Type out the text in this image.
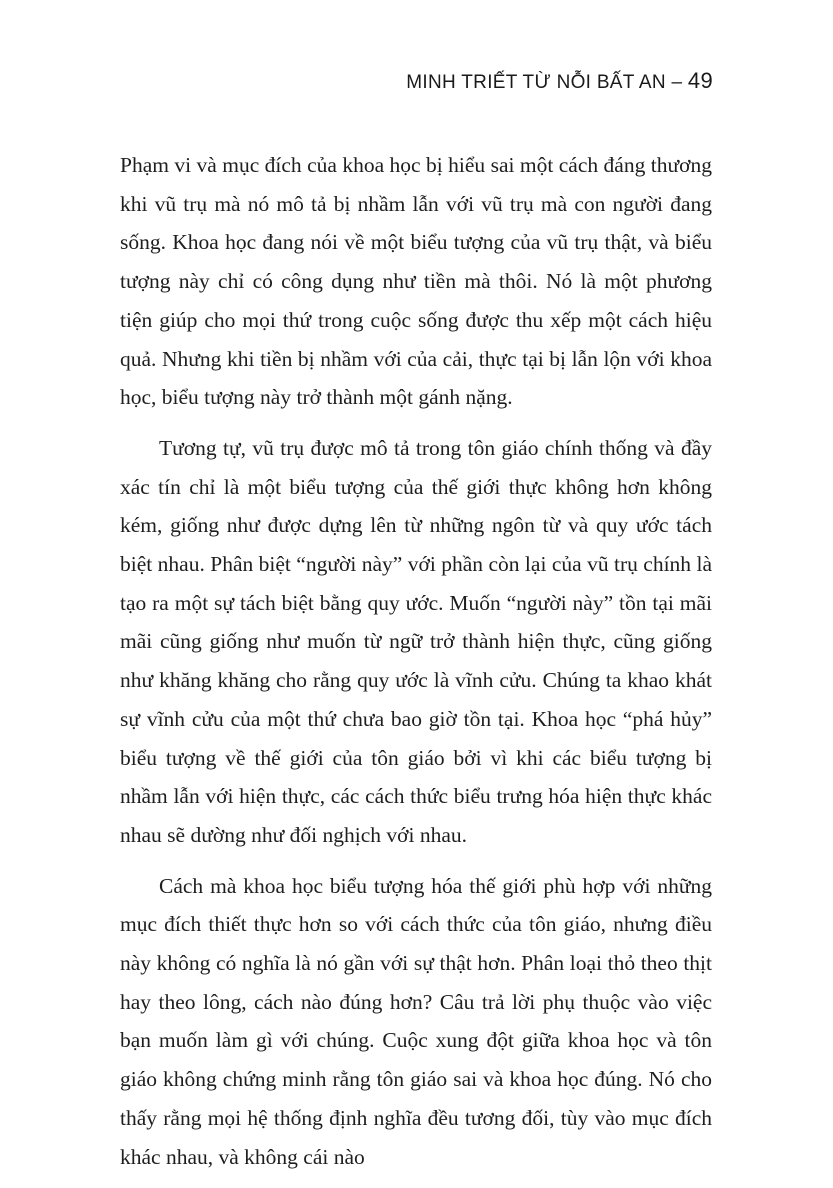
MINH TRIẾT TỪ NỖI BẤT AN – 49

Phạm vi và mục đích của khoa học bị hiểu sai một cách đáng thương khi vũ trụ mà nó mô tả bị nhầm lẫn với vũ trụ mà con người đang sống. Khoa học đang nói về một biểu tượng của vũ trụ thật, và biểu tượng này chỉ có công dụng như tiền mà thôi. Nó là một phương tiện giúp cho mọi thứ trong cuộc sống được thu xếp một cách hiệu quả. Nhưng khi tiền bị nhầm với của cải, thực tại bị lẫn lộn với khoa học, biểu tượng này trở thành một gánh nặng.

Tương tự, vũ trụ được mô tả trong tôn giáo chính thống và đầy xác tín chỉ là một biểu tượng của thế giới thực không hơn không kém, giống như được dựng lên từ những ngôn từ và quy ước tách biệt nhau. Phân biệt “người này” với phần còn lại của vũ trụ chính là tạo ra một sự tách biệt bằng quy ước. Muốn “người này” tồn tại mãi mãi cũng giống như muốn từ ngữ trở thành hiện thực, cũng giống như khăng khăng cho rằng quy ước là vĩnh cửu. Chúng ta khao khát sự vĩnh cửu của một thứ chưa bao giờ tồn tại. Khoa học “phá hủy” biểu tượng về thế giới của tôn giáo bởi vì khi các biểu tượng bị nhầm lẫn với hiện thực, các cách thức biểu trưng hóa hiện thực khác nhau sẽ dường như đối nghịch với nhau.

Cách mà khoa học biểu tượng hóa thế giới phù hợp với những mục đích thiết thực hơn so với cách thức của tôn giáo, nhưng điều này không có nghĩa là nó gần với sự thật hơn. Phân loại thỏ theo thịt hay theo lông, cách nào đúng hơn? Câu trả lời phụ thuộc vào việc bạn muốn làm gì với chúng. Cuộc xung đột giữa khoa học và tôn giáo không chứng minh rằng tôn giáo sai và khoa học đúng. Nó cho thấy rằng mọi hệ thống định nghĩa đều tương đối, tùy vào mục đích khác nhau, và không cái nào
